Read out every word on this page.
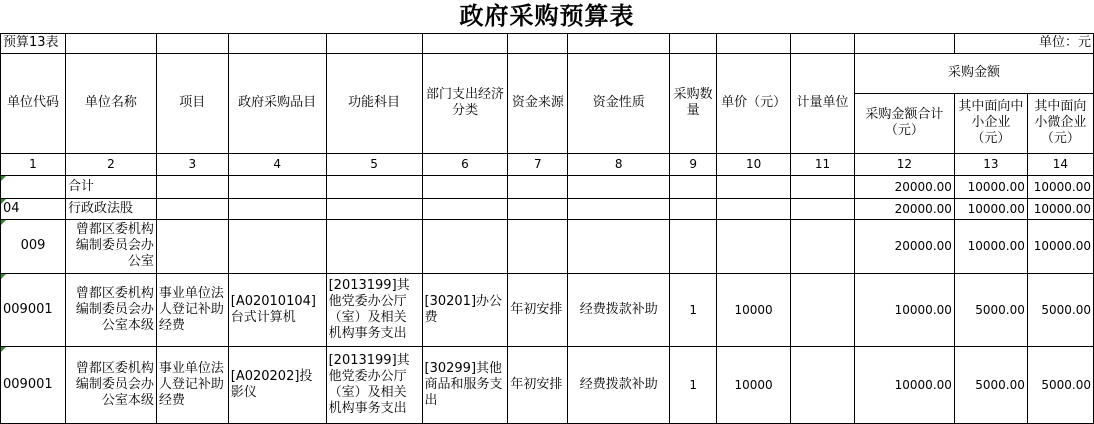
政府采购预算表													
预算13表												单位：元	
单位代码	单位名称	项目	政府采购品目	功能科目	部门支出经济分类	资金来源	资金性质	采购数量	单价（元）	计量单位	采购金额		
											采购金额合计（元）	其中面向中小企业（元）	其中面向小微企业（元）
1	2	3	4	5	6	7	8	9	10	11	12	13	14
	合计										20000.00	10000.00	10000.00
04	行政政法股										20000.00	10000.00	10000.00
009	曾都区委机构编制委员会办公室										20000.00	10000.00	10000.00
009001	曾都区委机构编制委员会办公室本级	事业单位法人登记补助经费	[A02010104]台式计算机	[2013199]其他党委办公厅（室）及相关机构事务支出	[30201]办公费	年初安排	经费拨款补助	1	10000		10000.00	5000.00	5000.00
009001	曾都区委机构编制委员会办公室本级	事业单位法人登记补助经费	[A020202]投影仪	[2013199]其他党委办公厅（室）及相关机构事务支出	[30299]其他商品和服务支出	年初安排	经费拨款补助	1	10000		10000.00	5000.00	5000.00
